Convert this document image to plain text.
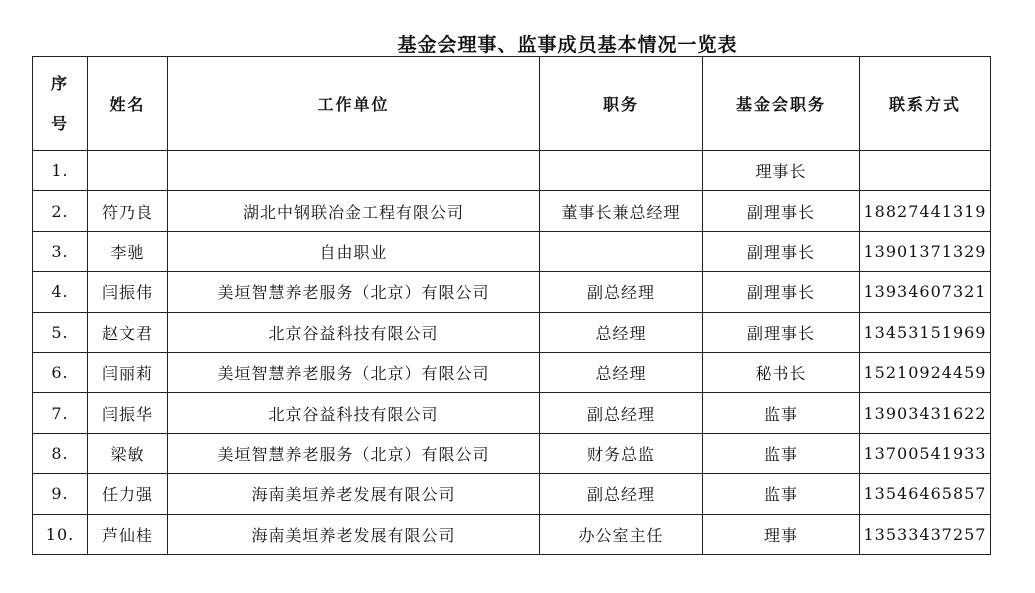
基金会理事、监事成员基本情况一览表
序
号	姓名	工作单位	职务	基金会职务	联系方式
1.				理事长	
2.	符乃良	湖北中钢联冶金工程有限公司	董事长兼总经理	副理事长	18827441319
3.	李驰	自由职业		副理事长	13901371329
4.	闫振伟	美垣智慧养老服务（北京）有限公司	副总经理	副理事长	13934607321
5.	赵文君	北京谷益科技有限公司	总经理	副理事长	13453151969
6.	闫丽莉	美垣智慧养老服务（北京）有限公司	总经理	秘书长	15210924459
7.	闫振华	北京谷益科技有限公司	副总经理	监事	13903431622
8.	梁敏	美垣智慧养老服务（北京）有限公司	财务总监	监事	13700541933
9.	任力强	海南美垣养老发展有限公司	副总经理	监事	13546465857
10.	芦仙桂	海南美垣养老发展有限公司	办公室主任	理事	13533437257
